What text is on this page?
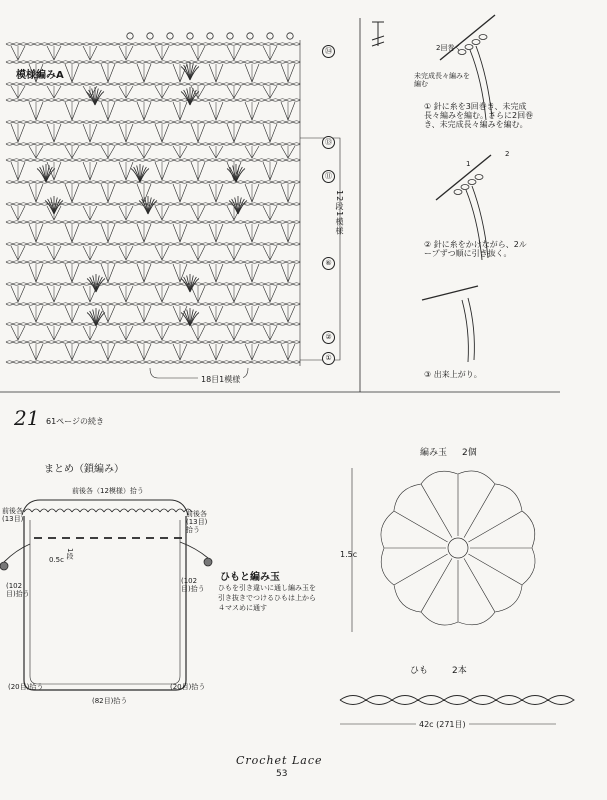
模様編みA
㉞
⑬
⑪
⑥
②
①
12段1模様
18目1模様
2回巻く
未完成長々編みを編む
① 針に糸を3回巻き、未完成長々編みを編む。さらに2回巻き、未完成長々編みを編む。
1
2
② 針に糸をかけながら、2ループずつ順に引き抜く。
③ 出来上がり。
21 61ページの続き
まとめ（鎖編み）
前後各（12模様）拾う
前後各 (13目)
前後各 (13目)拾う
0.5c
1段
(102目)拾う
(102目)拾う
(20目)拾う
(82目)拾う
(20目)拾う
ひもと編み玉
ひもを引き違いに通し編み玉を引き抜きでつけるひもは上から４マスめに通す
編み玉 2個
1.5c
ひも	2本
42c (271目)
Crochet Lace
53
